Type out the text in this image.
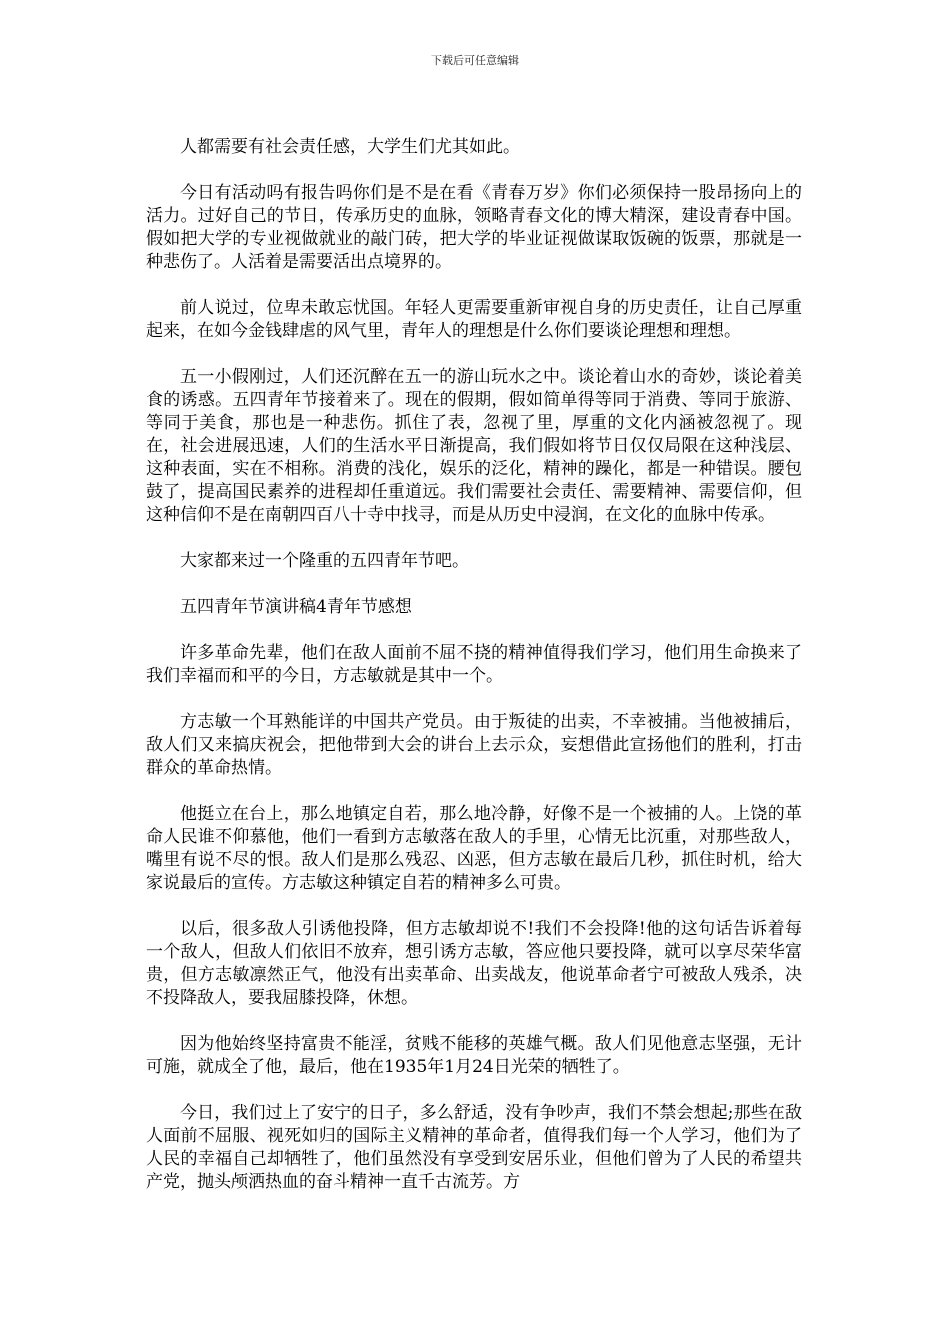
下载后可任意编辑

人都需要有社会责任感，大学生们尤其如此。

今日有活动吗有报告吗你们是不是在看《青春万岁》你们必须保持一股昂扬向上的活力。过好自己的节日，传承历史的血脉，领略青春文化的博大精深，建设青春中国。假如把大学的专业视做就业的敲门砖，把大学的毕业证视做谋取饭碗的饭票，那就是一种悲伤了。人活着是需要活出点境界的。

前人说过，位卑未敢忘忧国。年轻人更需要重新审视自身的历史责任，让自己厚重起来，在如今金钱肆虐的风气里，青年人的理想是什么你们要谈论理想和理想。

五一小假刚过，人们还沉醉在五一的游山玩水之中。谈论着山水的奇妙，谈论着美食的诱惑。五四青年节接着来了。现在的假期，假如简单得等同于消费、等同于旅游、等同于美食，那也是一种悲伤。抓住了表，忽视了里，厚重的文化内涵被忽视了。现在，社会进展迅速，人们的生活水平日渐提高，我们假如将节日仅仅局限在这种浅层、这种表面，实在不相称。消费的浅化，娱乐的泛化，精神的躁化，都是一种错误。腰包鼓了，提高国民素养的进程却任重道远。我们需要社会责任、需要精神、需要信仰，但这种信仰不是在南朝四百八十寺中找寻，而是从历史中浸润，在文化的血脉中传承。

大家都来过一个隆重的五四青年节吧。

五四青年节演讲稿4青年节感想

许多革命先辈，他们在敌人面前不屈不挠的精神值得我们学习，他们用生命换来了我们幸福而和平的今日，方志敏就是其中一个。

方志敏一个耳熟能详的中国共产党员。由于叛徒的出卖，不幸被捕。当他被捕后，敌人们又来搞庆祝会，把他带到大会的讲台上去示众，妄想借此宣扬他们的胜利，打击群众的革命热情。

他挺立在台上，那么地镇定自若，那么地冷静，好像不是一个被捕的人。上饶的革命人民谁不仰慕他，他们一看到方志敏落在敌人的手里，心情无比沉重，对那些敌人，嘴里有说不尽的恨。敌人们是那么残忍、凶恶，但方志敏在最后几秒，抓住时机，给大家说最后的宣传。方志敏这种镇定自若的精神多么可贵。

以后，很多敌人引诱他投降，但方志敏却说不!我们不会投降!他的这句话告诉着每一个敌人，但敌人们依旧不放弃，想引诱方志敏，答应他只要投降，就可以享尽荣华富贵，但方志敏凛然正气，他没有出卖革命、出卖战友，他说革命者宁可被敌人残杀，决不投降敌人，要我屈膝投降，休想。

因为他始终坚持富贵不能淫，贫贱不能移的英雄气概。敌人们见他意志坚强，无计可施，就成全了他，最后，他在1935年1月24日光荣的牺牲了。

今日，我们过上了安宁的日子，多么舒适，没有争吵声，我们不禁会想起;那些在敌人面前不屈服、视死如归的国际主义精神的革命者，值得我们每一个人学习，他们为了人民的幸福自己却牺牲了，他们虽然没有享受到安居乐业，但他们曾为了人民的希望共产党，抛头颅洒热血的奋斗精神一直千古流芳。方
